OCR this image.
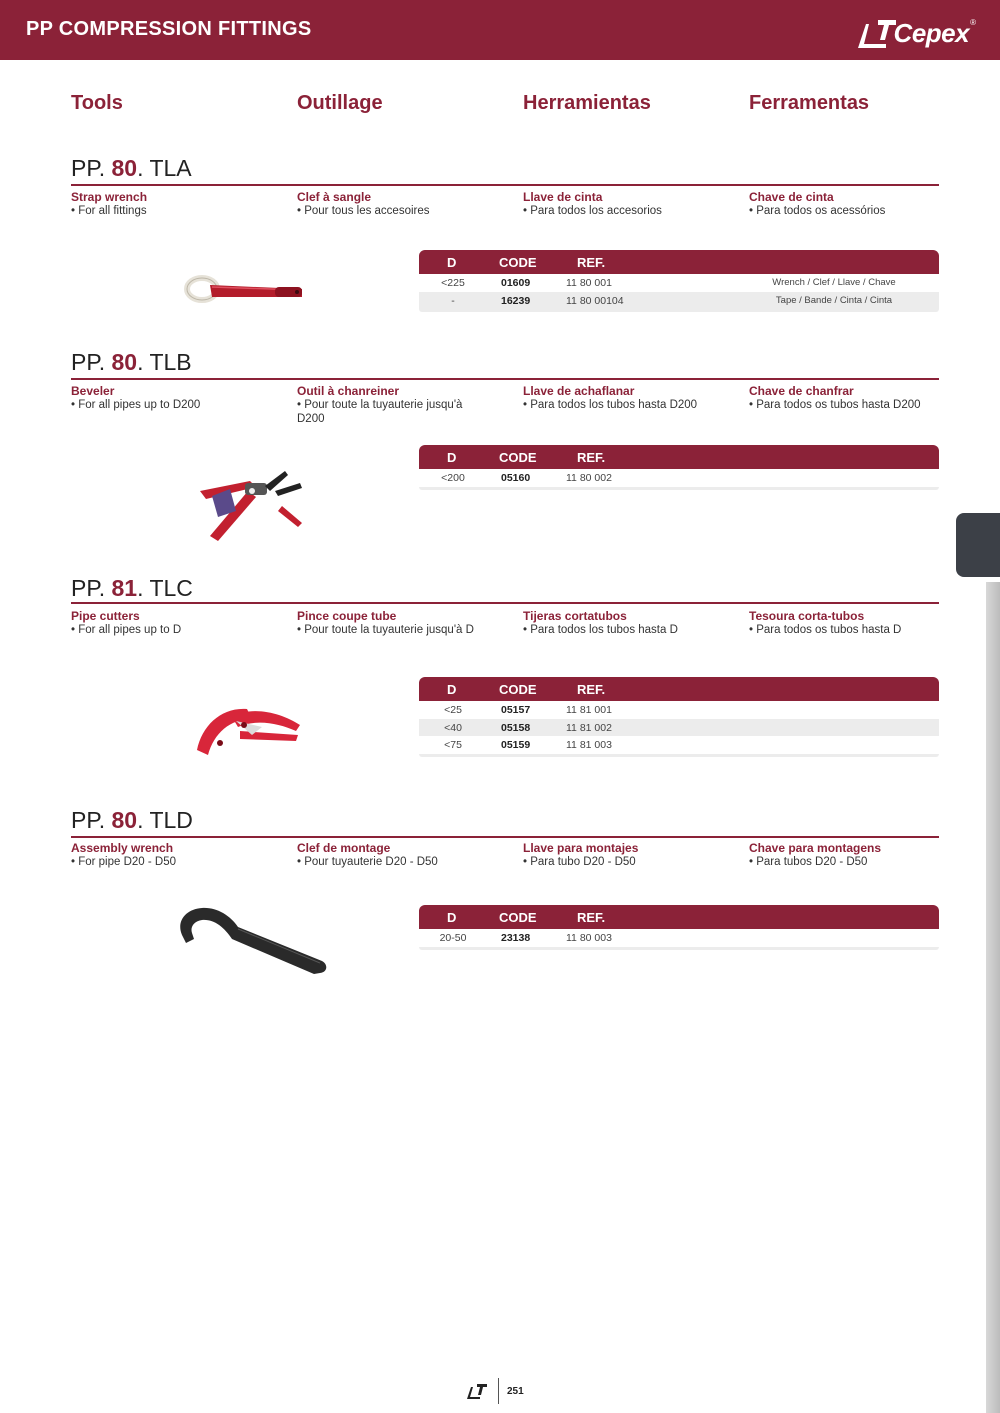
PP COMPRESSION FITTINGS	Cepex ®
Tools	Outillage	Herramientas	Ferramentas
PP. 80. TLA
Strap wrench
• For all fittings
Clef à sangle
• Pour tous les accesoires
Llave de cinta
• Para todos los accesorios
Chave de cinta
• Para todos os acessórios
D	CODE	REF.
<225	01609	11 80 001	Wrench / Clef / Llave / Chave
-	16239	11 80 00104	Tape / Bande / Cinta / Cinta
PP. 80. TLB
Beveler
• For all pipes up to D200
Outil à chanreiner
• Pour toute la tuyauterie jusqu'à D200
Llave de achaflanar
• Para todos los tubos hasta D200
Chave de chanfrar
• Para todos os tubos hasta D200
D	CODE	REF.
<200	05160	11 80 002
PP. 81. TLC
Pipe cutters
• For all pipes up to D
Pince coupe tube
• Pour toute la tuyauterie jusqu'à D
Tijeras cortatubos
• Para todos los tubos hasta D
Tesoura corta-tubos
• Para todos os tubos hasta D
D	CODE	REF.
<25	05157	11 81 001
<40	05158	11 81 002
<75	05159	11 81 003
PP. 80. TLD
Assembly wrench
• For pipe D20 - D50
Clef de montage
• Pour tuyauterie D20 - D50
Llave para montajes
• Para tubo D20 - D50
Chave para montagens
• Para tubos D20 - D50
D	CODE	REF.
20-50	23138	11 80 003
251
